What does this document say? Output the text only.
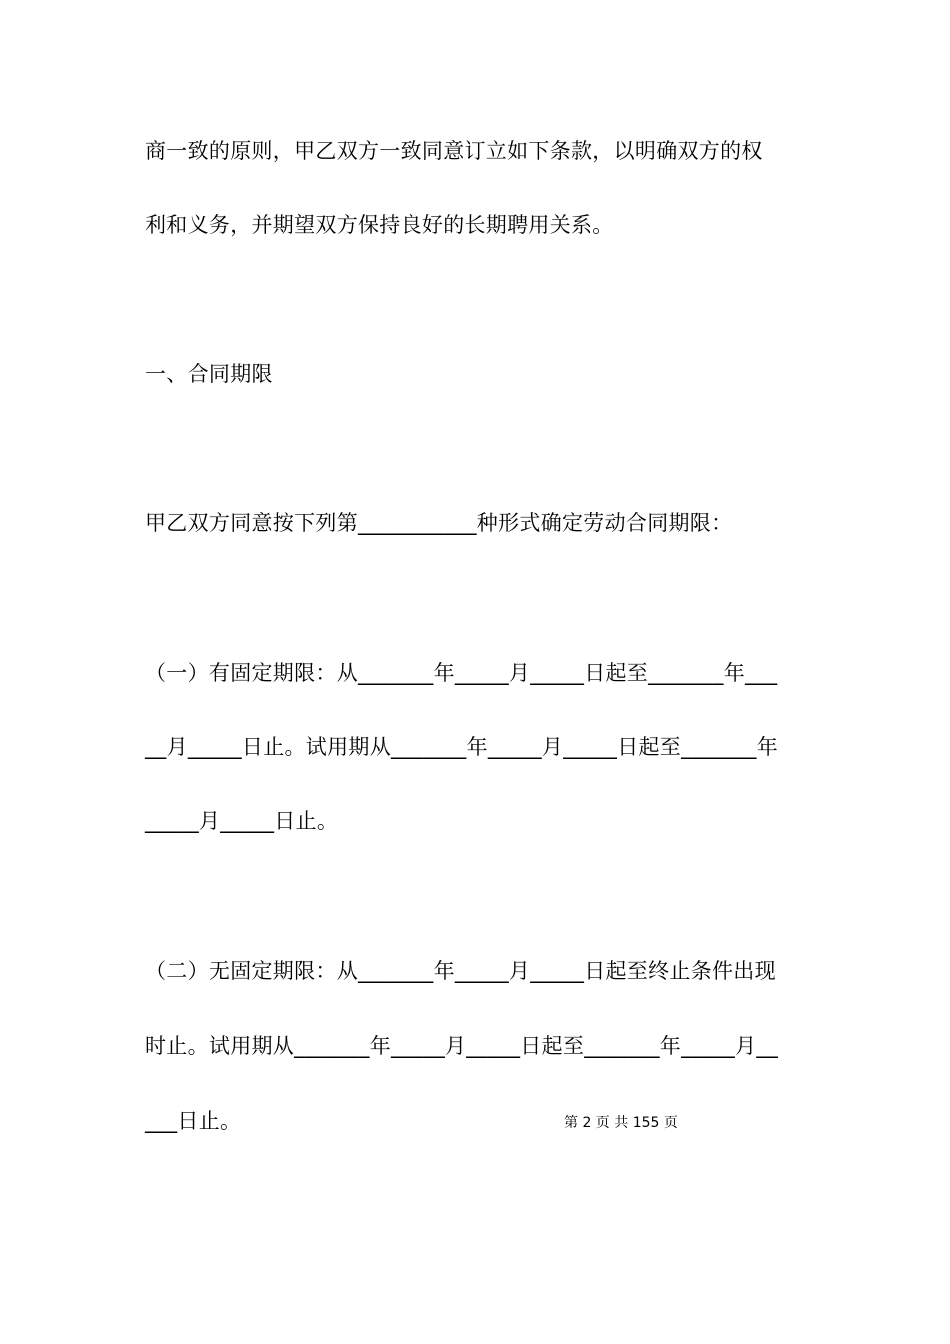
商一致的原则，甲乙双方一致同意订立如下条款，以明确双方的权
利和义务，并期望双方保持良好的长期聘用关系。
一、合同期限
甲乙双方同意按下列第___________种形式确定劳动合同期限：
（一）有固定期限：从_______年_____月_____日起至_______年___
__月_____日止。试用期从_______年_____月_____日起至_______年
_____月_____日止。
（二）无固定期限：从_______年_____月_____日起至终止条件出现
时止。试用期从_______年_____月_____日起至_______年_____月__
___日止。	第 2 页 共 155 页
